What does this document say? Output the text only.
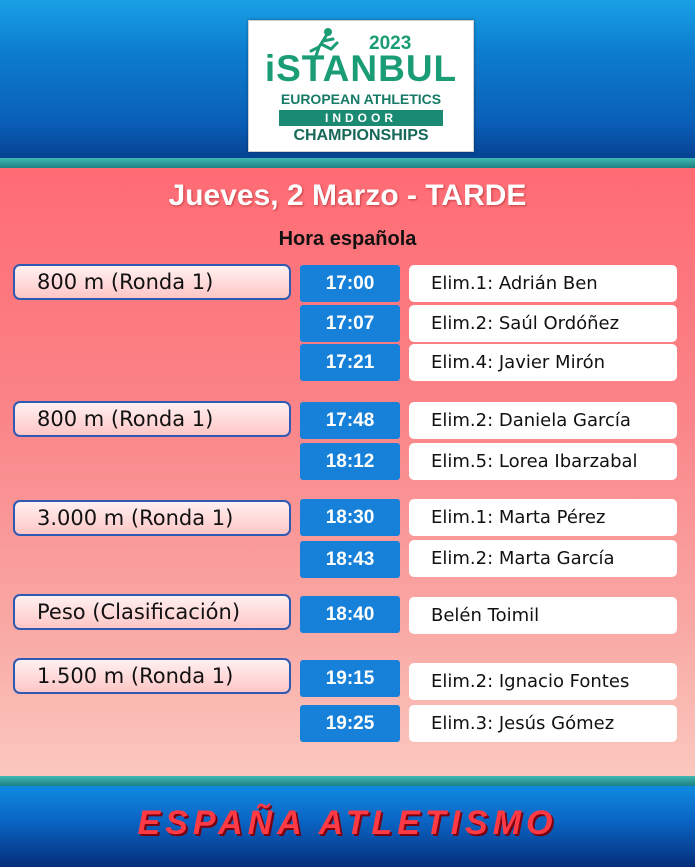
2023
iSTANBUL
EUROPEAN ATHLETICS
INDOOR
CHAMPIONSHIPS
Jueves, 2 Marzo - TARDE
Hora española
800 m (Ronda 1)	17:00	Elim.1: Adrián Ben
17:07	Elim.2: Saúl Ordóñez
17:21	Elim.4: Javier Mirón
800 m (Ronda 1)	17:48	Elim.2: Daniela García
18:12	Elim.5: Lorea Ibarzabal
3.000 m (Ronda 1)	18:30	Elim.1: Marta Pérez
18:43	Elim.2: Marta García
Peso (Clasificación)	18:40	Belén Toimil
1.500 m (Ronda 1)	19:15	Elim.2: Ignacio Fontes
19:25	Elim.3: Jesús Gómez
ESPAÑA ATLETISMO
